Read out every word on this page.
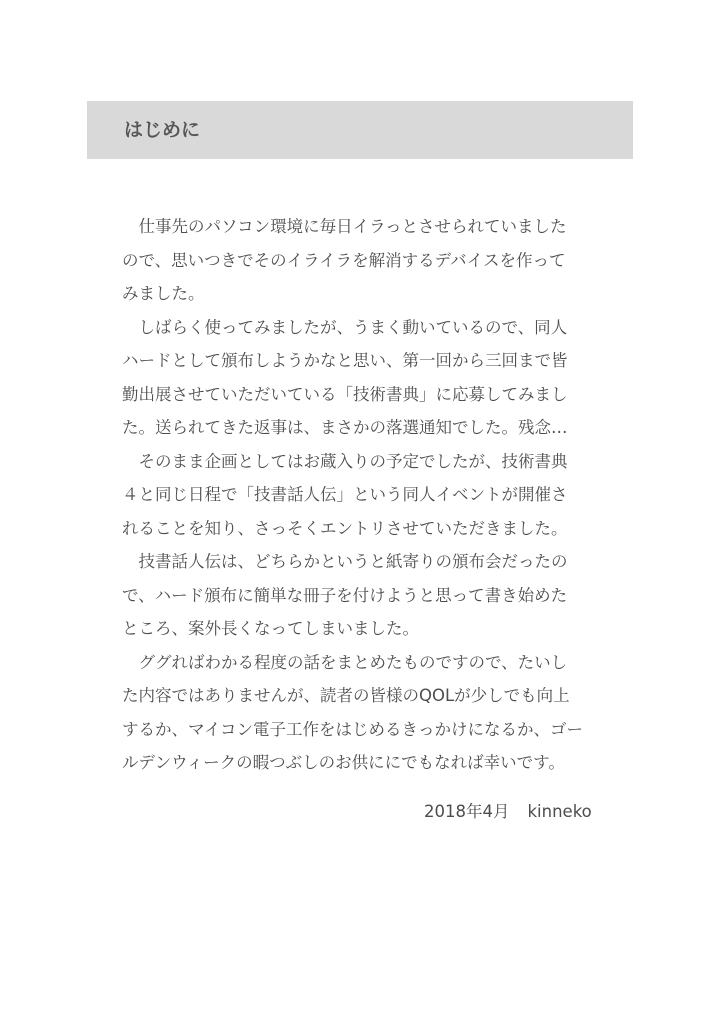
はじめに
　仕事先のパソコン環境に毎日イラっとさせられていました
ので、思いつきでそのイライラを解消するデバイスを作って
みました。
　しばらく使ってみましたが、うまく動いているので、同人
ハードとして頒布しようかなと思い、第一回から三回まで皆
勤出展させていただいている「技術書典」に応募してみまし
た。送られてきた返事は、まさかの落選通知でした。残念…
　そのまま企画としてはお蔵入りの予定でしたが、技術書典
４と同じ日程で「技書話人伝」という同人イベントが開催さ
れることを知り、さっそくエントリさせていただきました。
　技書話人伝は、どちらかというと紙寄りの頒布会だったの
で、ハード頒布に簡単な冊子を付けようと思って書き始めた
ところ、案外長くなってしまいました。
　ググればわかる程度の話をまとめたものですので、たいし
た内容ではありませんが、読者の皆様のQOLが少しでも向上
するか、マイコン電子工作をはじめるきっかけになるか、ゴー
ルデンウィークの暇つぶしのお供ににでもなれば幸いです。
2018年4月 kinneko
